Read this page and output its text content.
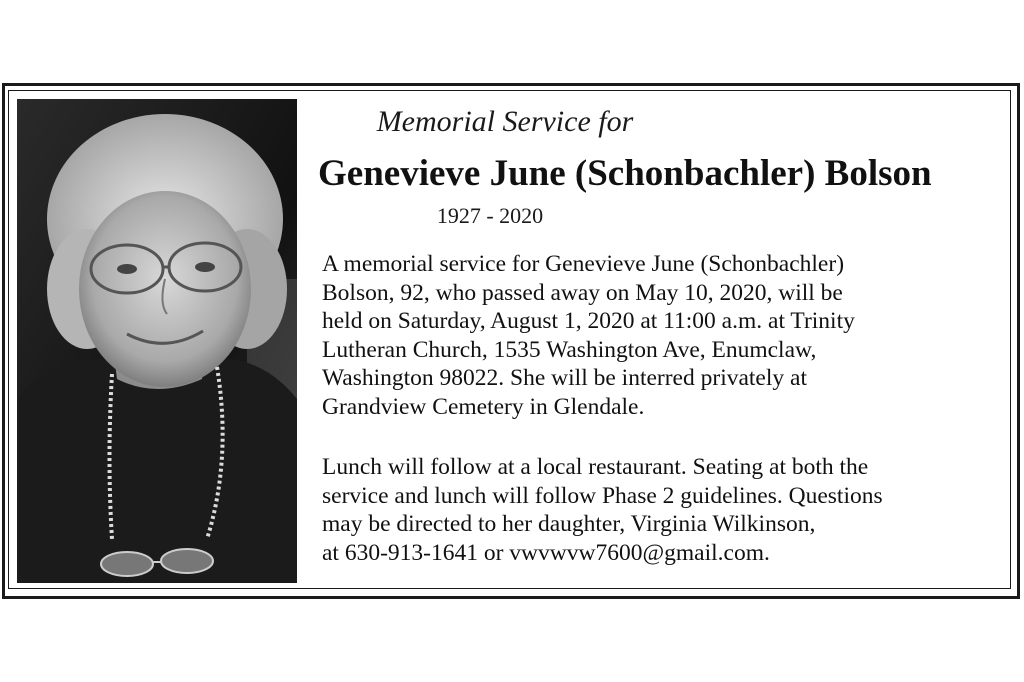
Memorial Service for
Genevieve June (Schonbachler) Bolson
1927 - 2020
A memorial service for Genevieve June (Schonbachler)
Bolson, 92, who passed away on May 10, 2020, will be
held on Saturday, August 1, 2020 at 11:00 a.m. at Trinity
Lutheran Church, 1535 Washington Ave, Enumclaw,
Washington 98022. She will be interred privately at
Grandview Cemetery in Glendale.
Lunch will follow at a local restaurant. Seating at both the
service and lunch will follow Phase 2 guidelines. Questions
may be directed to her daughter, Virginia Wilkinson,
at 630-913-1641 or vwvwvw7600@gmail.com.
